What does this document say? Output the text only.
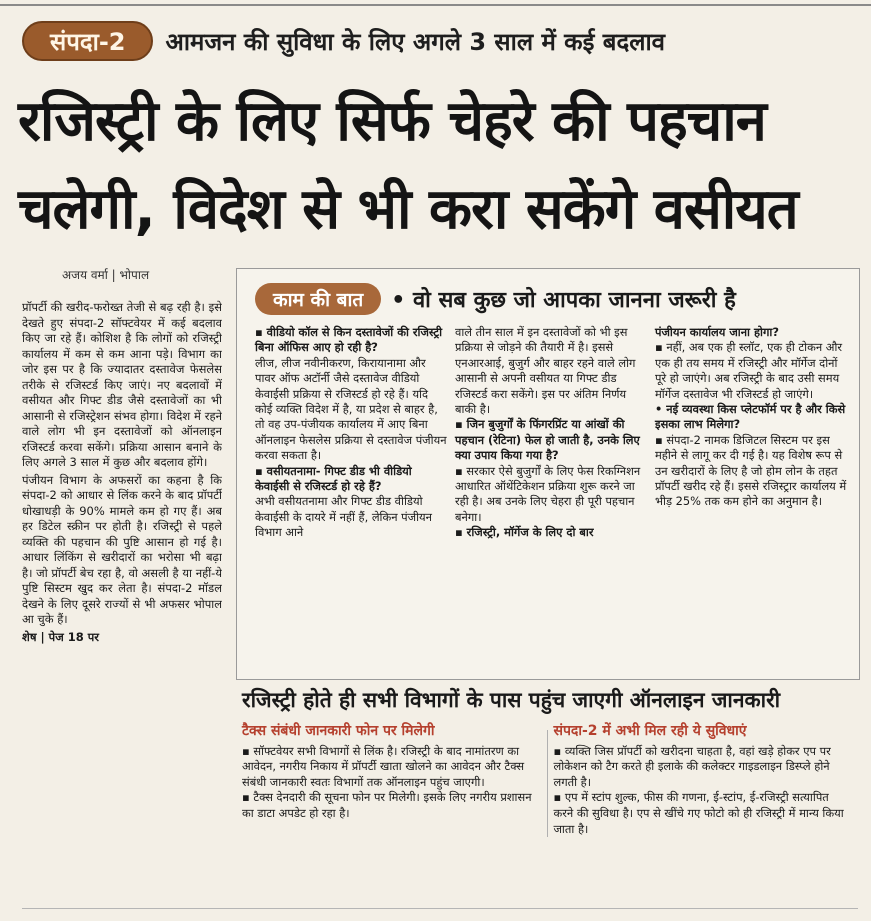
संपदा-2	आमजन की सुविधा के लिए अगले 3 साल में कई बदलाव
रजिस्ट्री के लिए सिर्फ चेहरे की पहचान
चलेगी, विदेश से भी करा सकेंगे वसीयत
अजय वर्मा | भोपाल

प्रॉपर्टी की खरीद-फरोख्त तेजी से बढ़ रही है। इसे देखते हुए संपदा-2 सॉफ्टवेयर में कई बदलाव किए जा रहे हैं। कोशिश है कि लोगों को रजिस्ट्री कार्यालय में कम से कम आना पड़े। विभाग का जोर इस पर है कि ज्यादातर दस्तावेज फेसलेस तरीके से रजिस्टर्ड किए जाएं। नए बदलावों में वसीयत और गिफ्ट डीड जैसे दस्तावेजों का भी आसानी से रजिस्ट्रेशन संभव होगा। विदेश में रहने वाले लोग भी इन दस्तावेजों को ऑनलाइन रजिस्टर्ड करवा सकेंगे। प्रक्रिया आसान बनाने के लिए अगले 3 साल में कुछ और बदलाव होंगे।

पंजीयन विभाग के अफसरों का कहना है कि संपदा-2 को आधार से लिंक करने के बाद प्रॉपर्टी धोखाधड़ी के 90% मामले कम हो गए हैं। अब हर डिटेल स्क्रीन पर होती है। रजिस्ट्री से पहले व्यक्ति की पहचान की पुष्टि आसान हो गई है। आधार लिंकिंग से खरीदारों का भरोसा भी बढ़ा है। जो प्रॉपर्टी बेच रहा है, वो असली है या नहीं-ये पुष्टि सिस्टम खुद कर लेता है। संपदा-2 मॉडल देखने के लिए दूसरे राज्यों से भी अफसर भोपाल आ चुके हैं।

शेष | पेज 18 पर

काम की बात	• वो सब कुछ जो आपका जानना जरूरी है

▪ वीडियो कॉल से किन दस्तावेजों की रजिस्ट्री बिना ऑफिस आए हो रही है?

लीज, लीज नवीनीकरण, किरायानामा और पावर ऑफ अटॉर्नी जैसे दस्तावेज वीडियो केवाईसी प्रक्रिया से रजिस्टर्ड हो रहे हैं। यदि कोई व्यक्ति विदेश में है, या प्रदेश से बाहर है, तो वह उप-पंजीयक कार्यालय में आए बिना ऑनलाइन फेसलेस प्रक्रिया से दस्तावेज पंजीयन करवा सकता है।

▪ वसीयतनामा- गिफ्ट डीड भी वीडियो केवाईसी से रजिस्टर्ड हो रहे हैं?

अभी वसीयतनामा और गिफ्ट डीड वीडियो केवाईसी के दायरे में नहीं हैं, लेकिन पंजीयन विभाग आने

वाले तीन साल में इन दस्तावेजों को भी इस प्रक्रिया से जोड़ने की तैयारी में है। इससे एनआरआई, बुजुर्ग और बाहर रहने वाले लोग आसानी से अपनी वसीयत या गिफ्ट डीड रजिस्टर्ड करा सकेंगे। इस पर अंतिम निर्णय बाकी है।

▪ जिन बुजुर्गों के फिंगरप्रिंट या आंखों की पहचान (रेटिना) फेल हो जाती है, उनके लिए क्या उपाय किया गया है?

▪ सरकार ऐसे बुजुर्गों के लिए फेस रिकग्निशन आधारित ऑथेंटिकेशन प्रक्रिया शुरू करने जा रही है। अब उनके लिए चेहरा ही पूरी पहचान बनेगा।

▪ रजिस्ट्री, मॉर्गेज के लिए दो बार

पंजीयन कार्यालय जाना होगा?

▪ नहीं, अब एक ही स्लॉट, एक ही टोकन और एक ही तय समय में रजिस्ट्री और मॉर्गेज दोनों पूरे हो जाएंगे। अब रजिस्ट्री के बाद उसी समय मॉर्गेज दस्तावेज भी रजिस्टर्ड हो जाएंगे।

• नई व्यवस्था किस प्लेटफॉर्म पर है और किसे इसका लाभ मिलेगा?

▪ संपदा-2 नामक डिजिटल सिस्टम पर इस महीने से लागू कर दी गई है। यह विशेष रूप से उन खरीदारों के लिए है जो होम लोन के तहत प्रॉपर्टी खरीद रहे हैं। इससे रजिस्ट्रार कार्यालय में भीड़ 25% तक कम होने का अनुमान है।

रजिस्ट्री होते ही सभी विभागों के पास पहुंच जाएगी ऑनलाइन जानकारी
टैक्स संबंधी जानकारी फोन पर मिलेगी

▪ सॉफ्टवेयर सभी विभागों से लिंक है। रजिस्ट्री के बाद नामांतरण का आवेदन, नगरीय निकाय में प्रॉपर्टी खाता खोलने का आवेदन और टैक्स संबंधी जानकारी स्वतः विभागों तक ऑनलाइन पहुंच जाएगी।

▪ टैक्स देनदारी की सूचना फोन पर मिलेगी। इसके लिए नगरीय प्रशासन का डाटा अपडेट हो रहा है।

संपदा-2 में अभी मिल रही ये सुविधाएं

▪ व्यक्ति जिस प्रॉपर्टी को खरीदना चाहता है, वहां खड़े होकर एप पर लोकेशन को टैग करते ही इलाके की कलेक्टर गाइडलाइन डिस्प्ले होने लगती है।

▪ एप में स्टांप शुल्क, फीस की गणना, ई-स्टांप, ई-रजिस्ट्री सत्यापित करने की सुविधा है। एप से खींचे गए फोटो को ही रजिस्ट्री में मान्य किया जाता है।
